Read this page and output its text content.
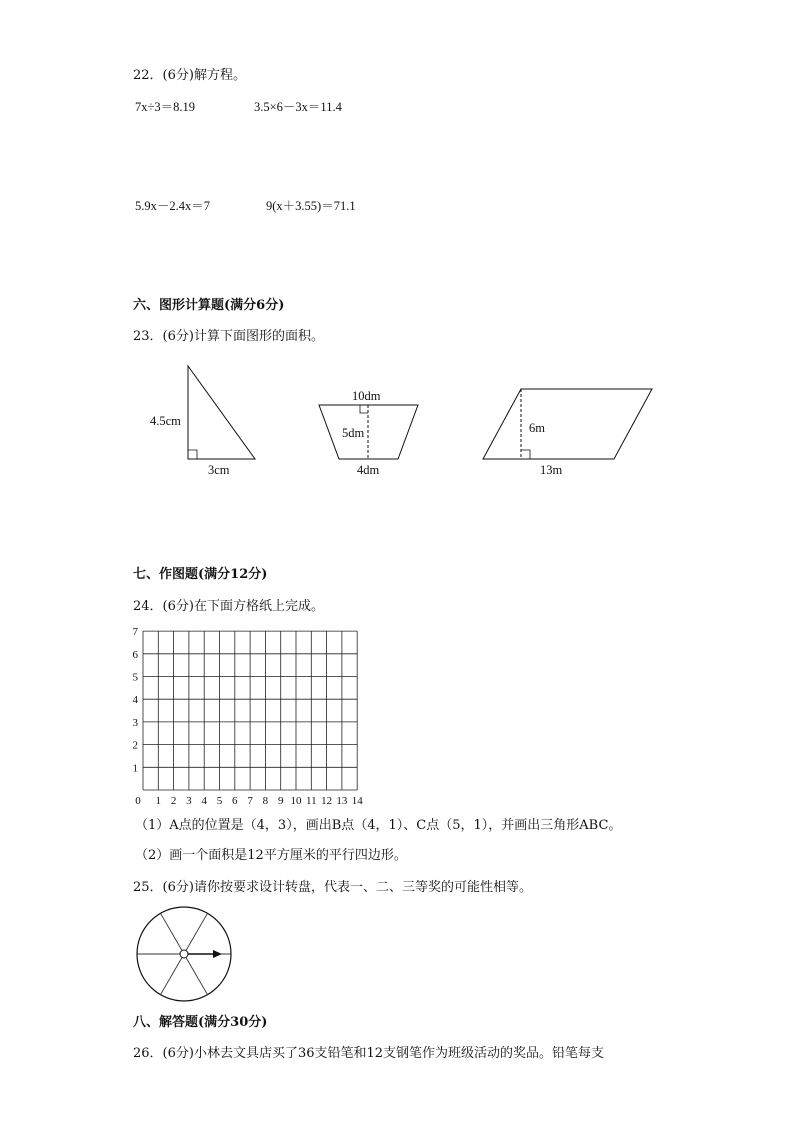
22．(6分)解方程。
7x÷3＝8.19	3.5×6－3x＝11.4
5.9x－2.4x＝7	9(x＋3.55)＝71.1
六、图形计算题(满分6分)
23．(6分)计算下面图形的面积。
4.5cm
3cm
10dm
5dm
4dm
6m
13m
七、作图题(满分12分)
24．(6分)在下面方格纸上完成。
0 1 2 3 4 5 6 7 8 9 10 11 12 13 14
1
2
3
4
5
6
7
（1）A点的位置是（4，3），画出B点（4，1）、C点（5，1），并画出三角形ABC。
（2）画一个面积是12平方厘米的平行四边形。
25．(6分)请你按要求设计转盘，代表一、二、三等奖的可能性相等。
八、解答题(满分30分)
26．(6分)小林去文具店买了36支铅笔和12支钢笔作为班级活动的奖品。铅笔每支
